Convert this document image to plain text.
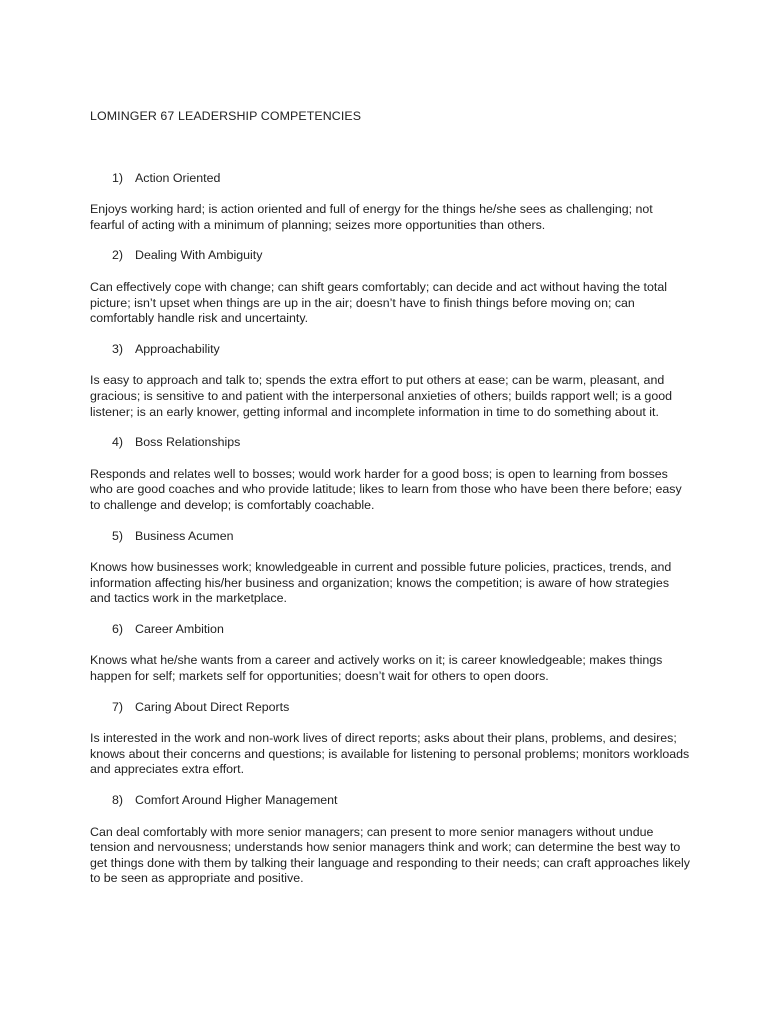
LOMINGER 67 LEADERSHIP COMPETENCIES
1) Action Oriented

Enjoys working hard; is action oriented and full of energy for the things he/she sees as challenging; not fearful of acting with a minimum of planning; seizes more opportunities than others.

2) Dealing With Ambiguity

Can effectively cope with change; can shift gears comfortably; can decide and act without having the total picture; isn’t upset when things are up in the air; doesn’t have to finish things before moving on; can comfortably handle risk and uncertainty.

3) Approachability

Is easy to approach and talk to; spends the extra effort to put others at ease; can be warm, pleasant, and gracious; is sensitive to and patient with the interpersonal anxieties of others; builds rapport well; is a good listener; is an early knower, getting informal and incomplete information in time to do something about it.

4) Boss Relationships

Responds and relates well to bosses; would work harder for a good boss; is open to learning from bosses who are good coaches and who provide latitude; likes to learn from those who have been there before; easy to challenge and develop; is comfortably coachable.

5) Business Acumen

Knows how businesses work; knowledgeable in current and possible future policies, practices, trends, and information affecting his/her business and organization; knows the competition; is aware of how strategies and tactics work in the marketplace.

6) Career Ambition

Knows what he/she wants from a career and actively works on it; is career knowledgeable; makes things happen for self; markets self for opportunities; doesn’t wait for others to open doors.

7) Caring About Direct Reports

Is interested in the work and non-work lives of direct reports; asks about their plans, problems, and desires; knows about their concerns and questions; is available for listening to personal problems; monitors workloads and appreciates extra effort.

8) Comfort Around Higher Management

Can deal comfortably with more senior managers; can present to more senior managers without undue tension and nervousness; understands how senior managers think and work; can determine the best way to get things done with them by talking their language and responding to their needs; can craft approaches likely to be seen as appropriate and positive.
